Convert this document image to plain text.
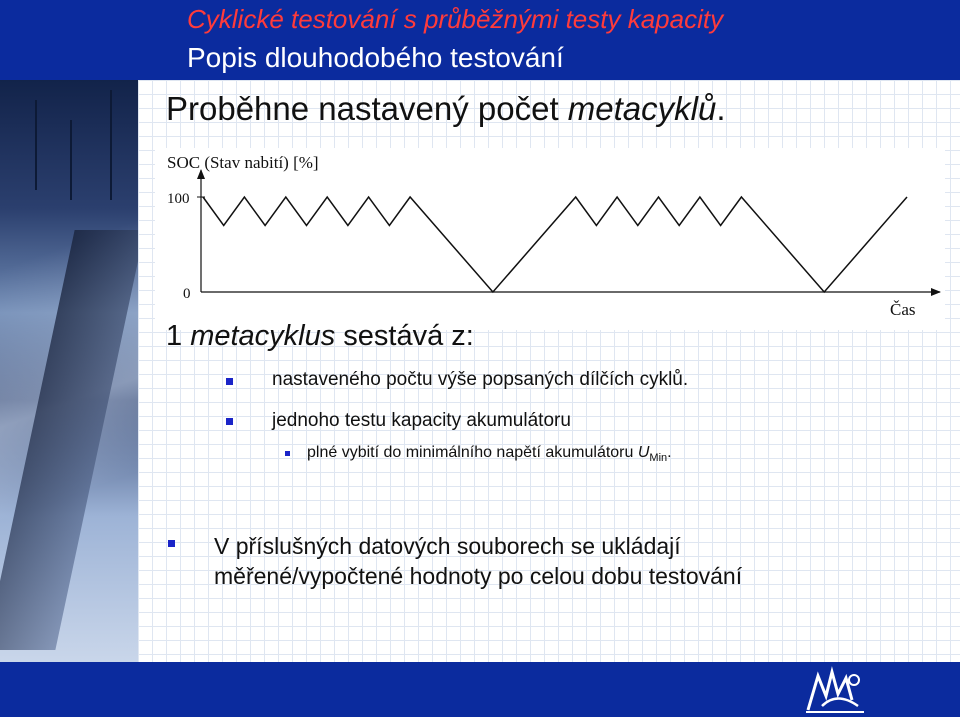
Cyklické testování s průběžnými testy kapacity
Popis dlouhodobého testování
Proběhne nastavený počet metacyklů.
SOC (Stav nabití) [%]
100
0
Čas
1 metacyklus sestává z:
nastaveného počtu výše popsaných dílčích cyklů.
jednoho testu kapacity akumulátoru
plné vybití do minimálního napětí akumulátoru $U_{Min}$.
V příslušných datových souborech se ukládají
měřené/vypočtené hodnoty po celou dobu testování
